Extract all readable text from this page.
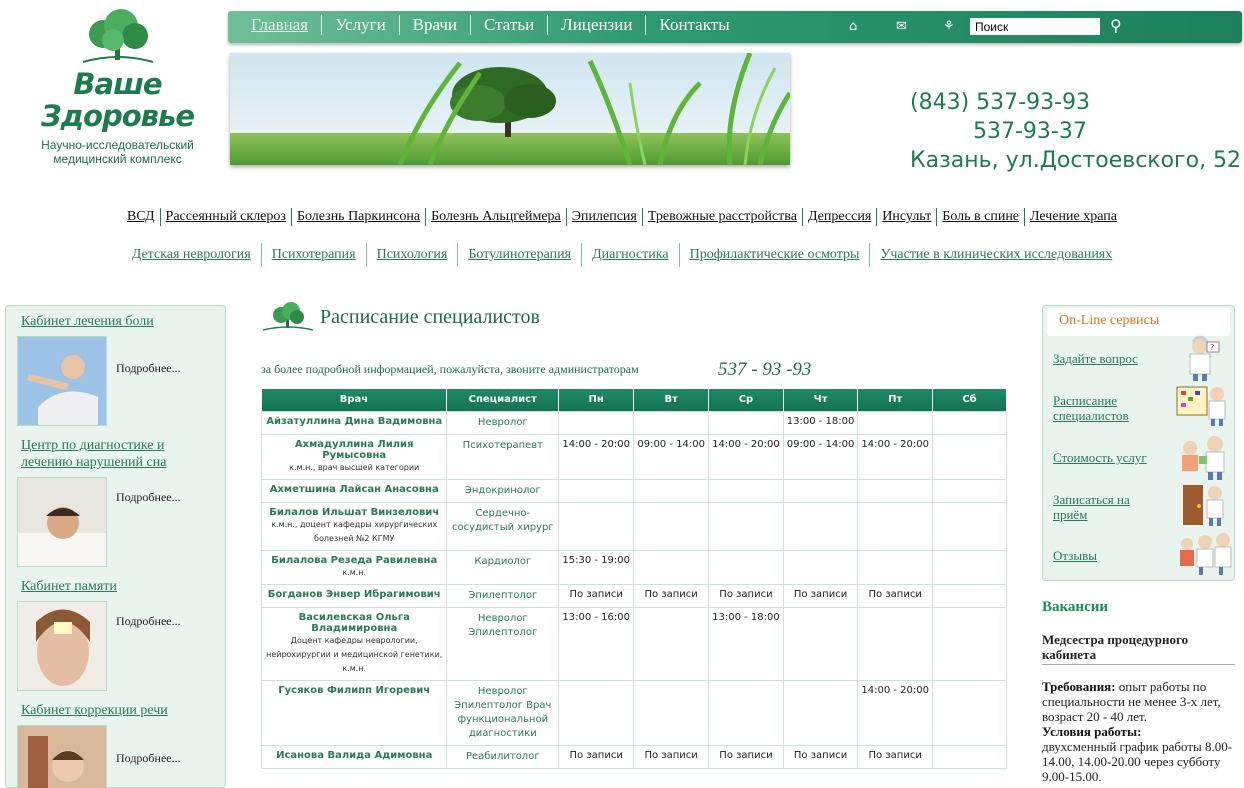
Ваше Здоровье
Научно-исследовательский
медицинский комплекс
Главная	Услуги	Врачи	Статьи	Лицензии	Контакты	⌂	✉	⚘
Поиск	⚲
(843) 537-93-93
537-93-37
Казань, ул.Достоевского, 52
ВСД Рассеянный склероз Болезнь Паркинсона Болезнь Альцгеймера Эпилепсия Тревожные расстройства Депрессия Инсульт Боль в спине Лечение храпа
Детская неврология	Психотерапия	Психология	Ботулинотерапия	Диагностика	Профилактические осмотры	Участие в клинических исследованиях
Кабинет лечения боли
Подробнее...
Центр по диагностике и лечению нарушений сна
Подробнее...
Кабинет памяти
Подробнее...
Кабинет коррекции речи
Подробнее...
Расписание специалистов
за более подробной информацией, пожалуйста, звоните администраторам	537 - 93 -93
Врач	Специалист	Пн	Вт	Ср	Чт	Пт	Сб
Айзатуллина Дина Вадимовна	Невролог				13:00 - 18:00		
Ахмадуллина Лилия Румысовна
к.м.н., врач высшей категории	Психотерапевт	14:00 - 20:00	09:00 - 14:00	14:00 - 20:00	09:00 - 14:00	14:00 - 20:00	
Ахметшина Лайсан Анасовна	Эндокринолог						
Билалов Ильшат Винзелович
к.м.н., доцент кафедры хирургических болезней №2 КГМУ	Сердечно-сосудистый хирург						
Билалова Резеда Равилевна
к.м.н.	Кардиолог	15:30 - 19:00					
Богданов Энвер Ибрагимович	Эпилептолог	По записи	По записи	По записи	По записи	По записи	
Василевская Ольга Владимировна
Доцент кафедры неврологии, нейрохирургии и медицинской генетики, к.м.н.	Невролог Эпилептолог	13:00 - 16:00		13:00 - 18:00			
Гусяков Филипп Игоревич	Невролог Эпилептолог Врач функциональной диагностики					14:00 - 20:00	
Исанова Валида Адимовна	Реабилитолог	По записи	По записи	По записи	По записи	По записи	
On-Line сервисы
Задайте вопрос
?
Расписание специалистов
Стоимость услуг
Записаться на приём
Отзывы
Вакансии
Медсестра процедурного кабинета
Требования: опыт работы по специальности не менее 3-х лет, возраст 20 - 40 лет.
Условия работы:
двухсменный график работы 8.00-14.00, 14.00-20.00 через субботу 9.00-15.00.
